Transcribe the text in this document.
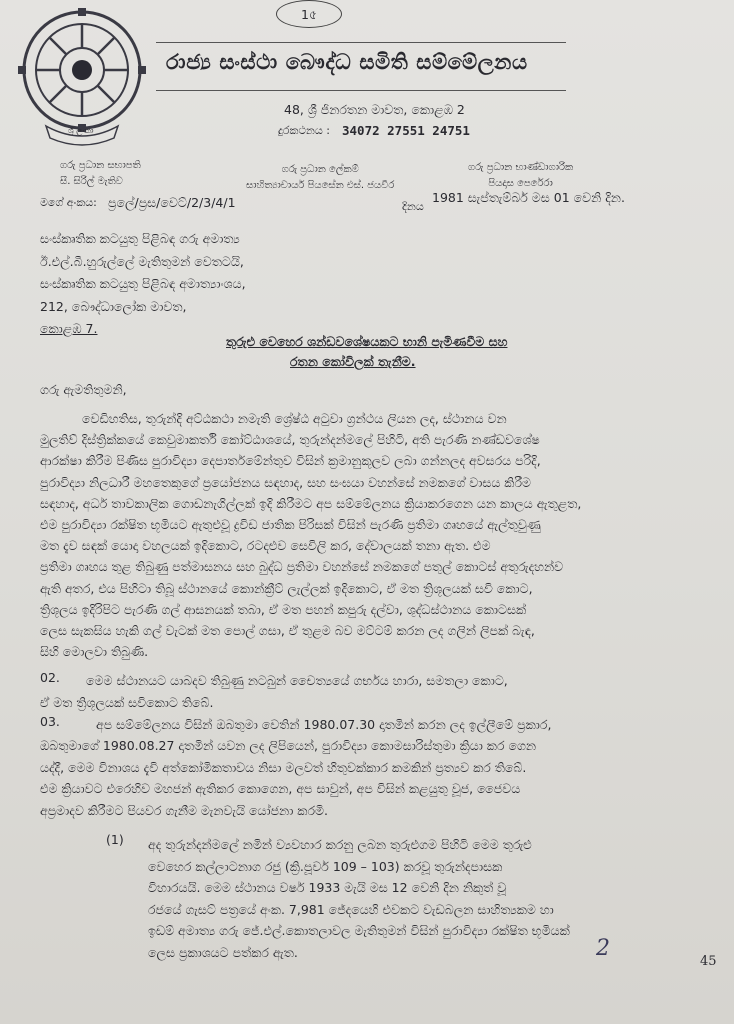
ශ්‍රී ලංකා
1৫
රාජ්‍ය සංස්ථා බෞද්ධ සමිති සම්මේලනය
48, ශ්‍රී ජිනරතන මාවත, කොළඹ 2
දුරකථනය : 34072 27551 24751
ගරු ප්‍රධාන සභාපති
සී. සිරිල් මැතිව
ගරු ප්‍රධාන ලේකම්
සාහිත්‍යාචාර්ය පියසේන එස්. ජයවීර
ගරු ප්‍රධාන භාණ්ඩාගාරික
පියදාස පෙරේරා
මගේ අංකය: ප්‍රලේ/ප්‍රස/වෙට්/2/3/4/1	දිනය
1981 සැප්තැම්බර් මස 01 වෙනි දින.
සංස්කෘතික කටයුතු පිළිබඳ ගරු අමාත්‍ය
ඊ.එල්.බී.හුරුල්ලේ මැතිතුමන් වෙතටයි,
සංස්කෘතික කටයුතු පිළිබඳ අමාත්‍යාංශය,
212, බෞද්ධාලෝක මාවත,
කොළඹ 7.
තුරුළු වෙහෙර ශන්ඩවශේෂයකට භානි පැමිණවීම සහ
රතන කෝවිලක් තැනීම.
ගරු ඇමතිතුමනි,
වෙඩිහතිස, තුරුන්දි අට්ඨකථා නමැති ශ්‍රේෂ්ඨ අටුවා ග්‍රන්ථය ලියන ලද, ස්ථානය වන
මුලතිව් දිස්ත්‍රික්කයේ කෙවුමාකර්ති කෝට්ඨාශයේ, තුරුන්දන්මලේ පිහිටි, අති පැරණි නණ්ඩවශේෂ
ආරක්ෂා කිරීම පිණිස පුරාවිද්‍යා දෙපාර්තමේන්තුව විසින් ක්‍රමානුකූලව ලබා ගන්නලද අවසරය පරිදි,
පුරාවිද්‍යා නිලධාරී මහතෙකුගේ ප්‍රයෝජනය සඳහාද, සහ සංඝයා වහන්සේ නමකගේ වාසය කිරීම
සඳහාද, අර්ධ තාවකාලික ගොඩනැගිල්ලක් ඉදි කිරීමට අප සම්මේලනය ක්‍රියාකරගෙන යන කාලය ඇතුළත,
එම පුරාවිද්‍යා රක්ෂිත භූමියට ඇතුළුවූ ද්‍රවිඩ ජාතික පිරිසක් විසින් පැරණි ප්‍රතිමා ගෘහයේ ඇල්තුවුණු
මත දැව සඳක් යොදා වහලයක් ඉදිකොට, රටදළුව සෙවිලි කර, දේවාලයක් තනා ඇත. එම
ප්‍රතිමා ගෘහය තුළ තිබුණු පත්මාසනය සහ බුද්ධ ප්‍රතිමා වහන්සේ නමකගේ පතුල් කොටස් අතුරුදහන්ව
ඇති අතර, එය පිහිටා තිබූ ස්ථානයේ කොන්ක්‍රීට් ලැල්ලක් ඉදිකොට, ඒ මත ත්‍රිශූලයක් සවි කොට,
ත්‍රිශූලය ඉදිරිපිට පැරණි ගල් ආසනයක් තබා, ඒ මත පහන් කපුරු දල්වා, ශුද්ධස්ථානය කොටසක්
ලෙස සැකසිය හැකි ගල් වැටක් මත පොල් ගසා, ඒ තුළම බව මට්ටම් කරන ලද ගලින් ලිපක් බැඳ,
සිහි මොලවා තිබුණි.
02.	මෙම ස්ථානයට යාබදව තිබුණු නටබුන් චෛත්‍යයේ ගර්භය හාරා, සමතලා කොට,
ඒ මත ත්‍රිශූලයක් සවිකොට තිබේ.
03.	අප සම්මේලනය විසින් ඔබතුමා වෙතින් 1980.07.30 දාතමින් කරන ලද ඉල්ලීමේ ප්‍රකාර,
ඔබතුමාගේ 1980.08.27 දාතමින් යවන ලද ලිපියෙන්, පුරාවිද්‍යා කොමසාරිස්තුමා ක්‍රියා කර ගෙන
යද්දී, මෙම විනාශය දැවි අත්කෝමිකතාවය නිසා මලවත් හිතුවක්කාර කමකින් ප්‍රත්‍යව කර තිබේ.
එම ක්‍රියාවට එරෙහිව මහජන් ඇතිකර කොගෙන, අප සාවුන්, අප විසින් කළයුතු වූජ, ජෛවය
අප්‍රමාදව කිරීමට පියවර ගැනීම මැනවැයි යෝජනා කරමි.
(1) අද තුරුන්දන්මලේ නමින් ව්‍යවහාර කරනු ලබන තුරුළුගම පිහිටි මෙම තුරුළු
වෙහෙර කල්ලාටනාග රජු (ක්‍රි.පූර්ව 109 – 103) කරවූ තුරුන්දපාසක
විහාරයයි. මෙම ස්ථානය වර්ෂ 1933 මැයි මස 12 වෙනි දින නිකුත් වූ
රජයේ ගැසට් පත්‍රයේ අංක. 7,981 ජේදයෙහි එවකට වැඩබලන සාහිත්‍යකම හා
ඉඩම් අමාත්‍ය ගරු ජේ.එල්.කොතලාවල මැතිතුමන් විසින් පුරාවිද්‍යා රක්ෂිත භූමියක්
ලෙස ප්‍රකාශයට පත්කර ඇත.	2
45
